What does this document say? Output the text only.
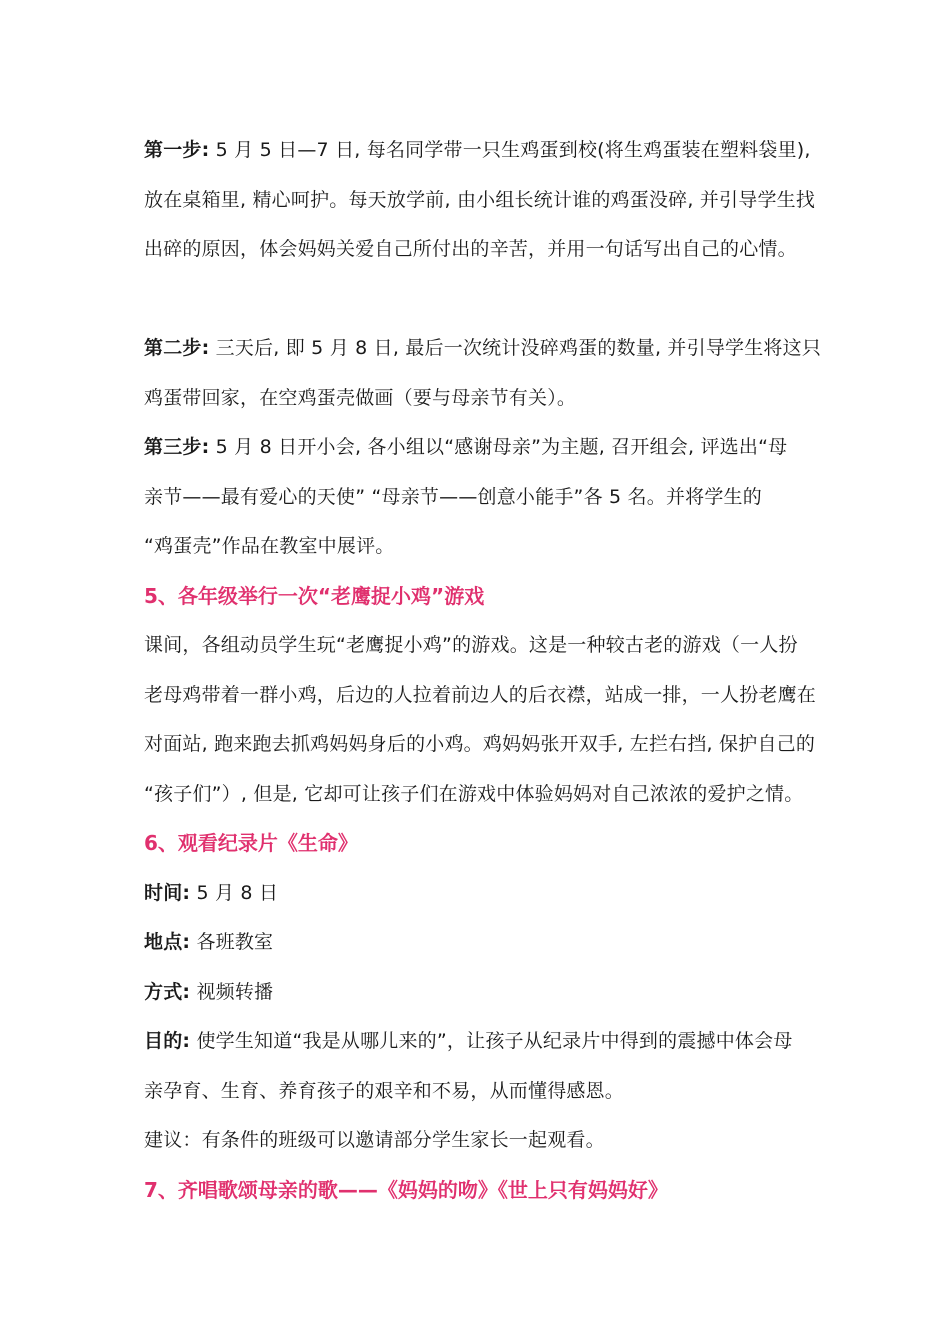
第一步: 5 月 5 日—7 日, 每名同学带一只生鸡蛋到校(将生鸡蛋装在塑料袋里),
放在桌箱里, 精心呵护。每天放学前, 由小组长统计谁的鸡蛋没碎, 并引导学生找
出碎的原因，体会妈妈关爱自己所付出的辛苦，并用一句话写出自己的心情。
第二步: 三天后, 即 5 月 8 日, 最后一次统计没碎鸡蛋的数量, 并引导学生将这只
鸡蛋带回家，在空鸡蛋壳做画（要与母亲节有关）。
第三步: 5 月 8 日开小会, 各小组以“感谢母亲”为主题, 召开组会, 评选出“母
亲节——最有爱心的天使” “母亲节——创意小能手”各 5 名。并将学生的
“鸡蛋壳”作品在教室中展评。
5、各年级举行一次“老鹰捉小鸡”游戏
课间，各组动员学生玩“老鹰捉小鸡”的游戏。这是一种较古老的游戏（一人扮
老母鸡带着一群小鸡，后边的人拉着前边人的后衣襟，站成一排，一人扮老鹰在
对面站, 跑来跑去抓鸡妈妈身后的小鸡。鸡妈妈张开双手, 左拦右挡, 保护自己的
“孩子们”）, 但是, 它却可让孩子们在游戏中体验妈妈对自己浓浓的爱护之情。
6、观看纪录片《生命》
时间: 5 月 8 日
地点: 各班教室
方式: 视频转播
目的: 使学生知道“我是从哪儿来的”，让孩子从纪录片中得到的震撼中体会母
亲孕育、生育、养育孩子的艰辛和不易，从而懂得感恩。
建议：有条件的班级可以邀请部分学生家长一起观看。
7、齐唱歌颂母亲的歌——《妈妈的吻》《世上只有妈妈好》
